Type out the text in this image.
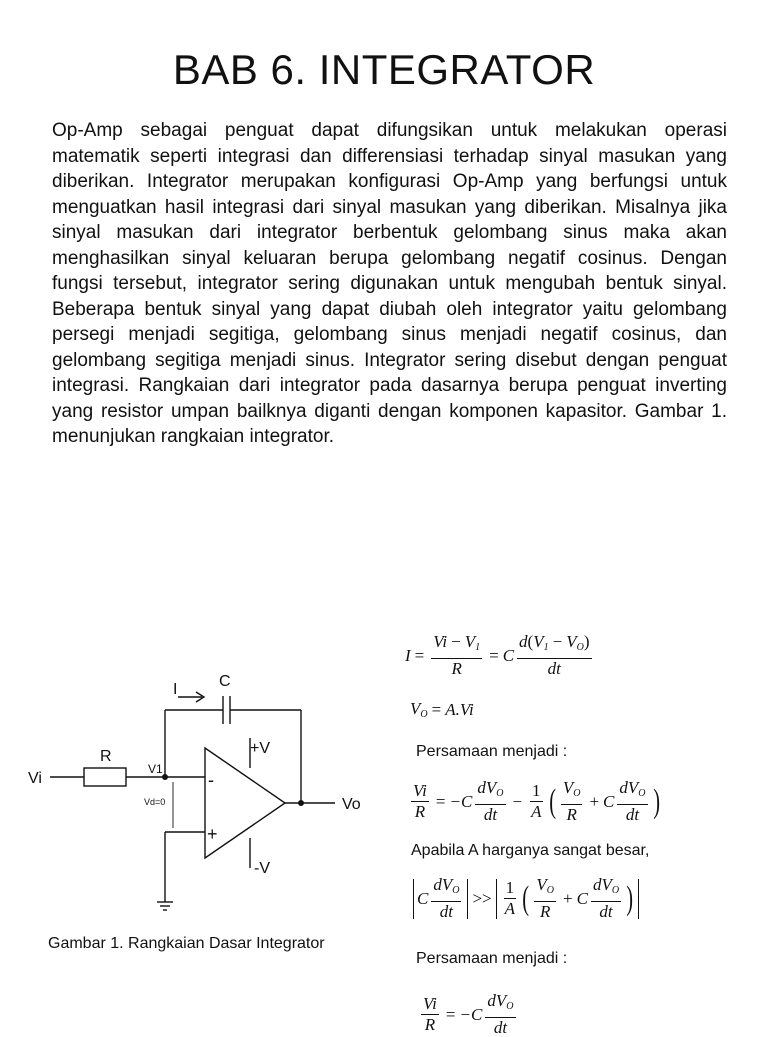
BAB 6. INTEGRATOR

Op-Amp sebagai penguat dapat difungsikan untuk melakukan operasi matematik seperti integrasi dan differensiasi terhadap sinyal masukan yang diberikan. Integrator merupakan konfigurasi Op-Amp yang berfungsi untuk menguatkan hasil integrasi dari sinyal masukan yang diberikan. Misalnya jika sinyal masukan dari integrator berbentuk gelombang sinus maka akan menghasilkan sinyal keluaran berupa gelombang negatif cosinus. Dengan fungsi tersebut, integrator sering digunakan untuk mengubah bentuk sinyal. Beberapa bentuk sinyal yang dapat diubah oleh integrator yaitu gelombang persegi menjadi segitiga, gelombang sinus menjadi negatif cosinus, dan gelombang segitiga menjadi sinus. Integrator sering disebut dengan penguat integrasi. Rangkaian dari integrator pada dasarnya berupa penguat inverting yang resistor umpan bailknya diganti dengan komponen kapasitor. Gambar 1. menunjukan rangkaian integrator.

Vi
R
V1
Vd=0
I	C
-
+
+V
-V
Vo

Gambar 1. Rangkaian Dasar Integrator

$I = \frac{Vi - V_1}{R} = C \frac{d(V_1 - V_O)}{dt}$
$V_O = A.Vi$

Persamaan menjadi :

$\frac{Vi}{R}$ = − C $\frac{dV_O}{dt} - \frac{1}{A}$ ( $\frac{V_O}{R} + C \frac{dV_O}{dt}$ )

Apabila A harganya sangat besar,

C $\frac{dV_O}{dt} >> \frac{1}{A}$ ( $\frac{V_O}{R} + C \frac{dV_O}{dt}$ )

Persamaan menjadi :

$\frac{Vi}{R}$ = − C $\frac{dV_O}{dt}$
